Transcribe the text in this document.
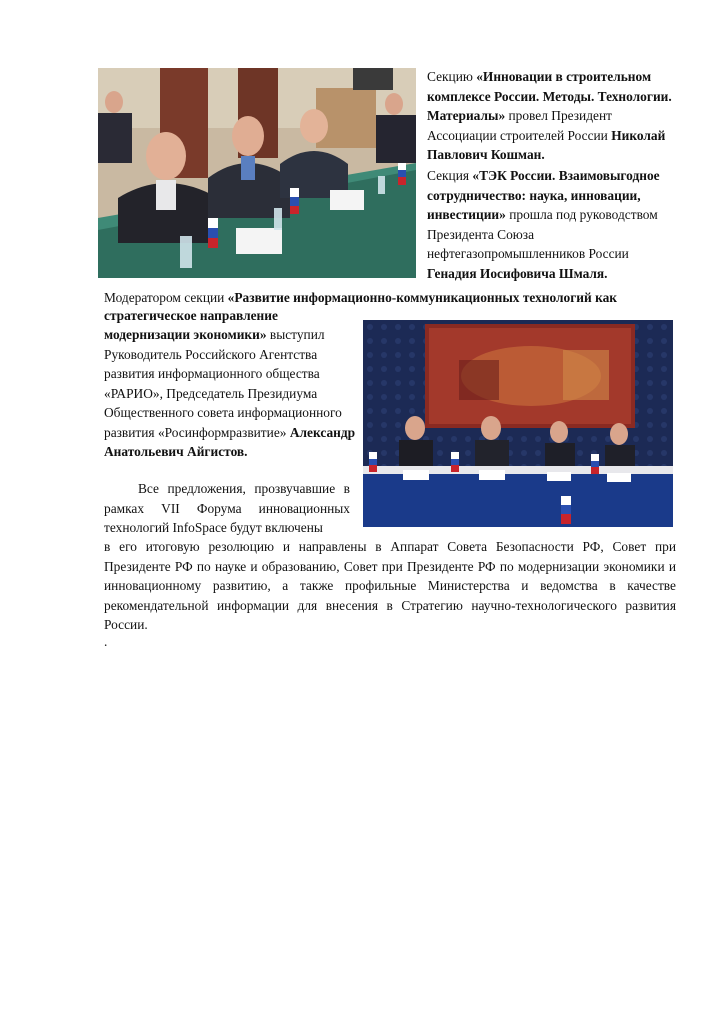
Секцию «Инновации в строительном комплексе России. Методы. Технологии. Материалы» провел Президент Ассоциации строителей России Николай Павлович Кошман.
Секция «ТЭК России. Взаимовыгодное сотрудничество: наука, инновации, инвестиции» прошла под руководством Президента Союза нефтегазопромышленников России Генадия Иосифовича Шмаля.
Модератором секции «Развитие информационно-коммуникационных технологий как
стратегическое направление
модернизации экономики» выступил Руководитель Российского Агентства развития информационного общества «РАРИО», Председатель Президиума Общественного совета информационного развития «Росинформразвитие» Александр Анатольевич Айгистов.
Все предложения, прозвучавшие в рамках VII Форума инновационных технологий InfoSpace будут включены
в его итоговую резолюцию и направлены в Аппарат Совета Безопасности РФ, Совет при Президенте РФ по науке и образованию, Совет при Президенте РФ по модернизации экономики и инновационному развитию, а также профильные Министерства и ведомства в качестве рекомендательной информации для внесения в Стратегию научно-технологического развития России.
.
